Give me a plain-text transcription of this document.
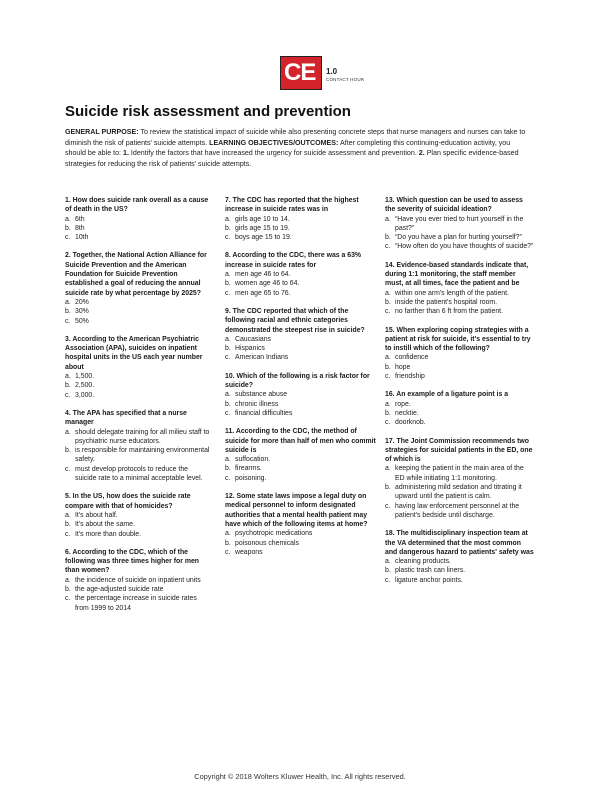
CE 1.0
CONTACT HOUR
Suicide risk assessment and prevention
GENERAL PURPOSE: To review the statistical impact of suicide while also presenting concrete steps that nurse managers and nurses can take to diminish the risk of patients' suicide attempts. LEARNING OBJECTIVES/OUTCOMES: After completing this continuing-education activity, you should be able to: 1. Identify the factors that have increased the urgency for suicide assessment and prevention. 2. Plan specific evidence-based strategies for reducing the risk of patients' suicide attempts.
1. How does suicide rank overall as a cause of death in the US?
a. 6th
b. 8th
c. 10th
2. Together, the National Action Alliance for Suicide Prevention and the American Foundation for Suicide Prevention established a goal of reducing the annual suicide rate by what percentage by 2025?
a. 20%
b. 30%
c. 50%
3. According to the American Psychiatric Association (APA), suicides on inpatient hospital units in the US each year number about
a. 1,500.
b. 2,500.
c. 3,000.
4. The APA has specified that a nurse manager
a. should delegate training for all milieu staff to psychiatric nurse educators.
b. is responsible for maintaining environmental safety.
c. must develop protocols to reduce the suicide rate to a minimal acceptable level.
5. In the US, how does the suicide rate compare with that of homicides?
a. It's about half.
b. It's about the same.
c. It's more than double.
6. According to the CDC, which of the following was three times higher for men than women?
a. the incidence of suicide on inpatient units
b. the age-adjusted suicide rate
c. the percentage increase in suicide rates from 1999 to 2014
7. The CDC has reported that the highest increase in suicide rates was in
a. girls age 10 to 14.
b. girls age 15 to 19.
c. boys age 15 to 19.
8. According to the CDC, there was a 63% increase in suicide rates for
a. men age 46 to 64.
b. women age 46 to 64.
c. men age 65 to 76.
9. The CDC reported that which of the following racial and ethnic categories demonstrated the steepest rise in suicide?
a. Caucasians
b. Hispanics
c. American Indians
10. Which of the following is a risk factor for suicide?
a. substance abuse
b. chronic illness
c. financial difficulties
11. According to the CDC, the method of suicide for more than half of men who commit suicide is
a. suffocation.
b. firearms.
c. poisoning.
12. Some state laws impose a legal duty on medical personnel to inform designated authorities that a mental health patient may have which of the following items at home?
a. psychotropic medications
b. poisonous chemicals
c. weapons
13. Which question can be used to assess the severity of suicidal ideation?
a. “Have you ever tried to hurt yourself in the past?”
b. “Do you have a plan for hurting yourself?”
c. “How often do you have thoughts of suicide?”
14. Evidence-based standards indicate that, during 1:1 monitoring, the staff member must, at all times, face the patient and be
a. within one arm's length of the patient.
b. inside the patient's hospital room.
c. no farther than 6 ft from the patient.
15. When exploring coping strategies with a patient at risk for suicide, it's essential to try to instill which of the following?
a. confidence
b. hope
c. friendship
16. An example of a ligature point is a
a. rope.
b. necktie.
c. doorknob.
17. The Joint Commission recommends two strategies for suicidal patients in the ED, one of which is
a. keeping the patient in the main area of the ED while initiating 1:1 monitoring.
b. administering mild sedation and titrating it upward until the patient is calm.
c. having law enforcement personnel at the patient's bedside until discharge.
18. The multidisciplinary inspection team at the VA determined that the most common and dangerous hazard to patients' safety was
a. cleaning products.
b. plastic trash can liners.
c. ligature anchor points.
Copyright © 2018 Wolters Kluwer Health, Inc. All rights reserved.
